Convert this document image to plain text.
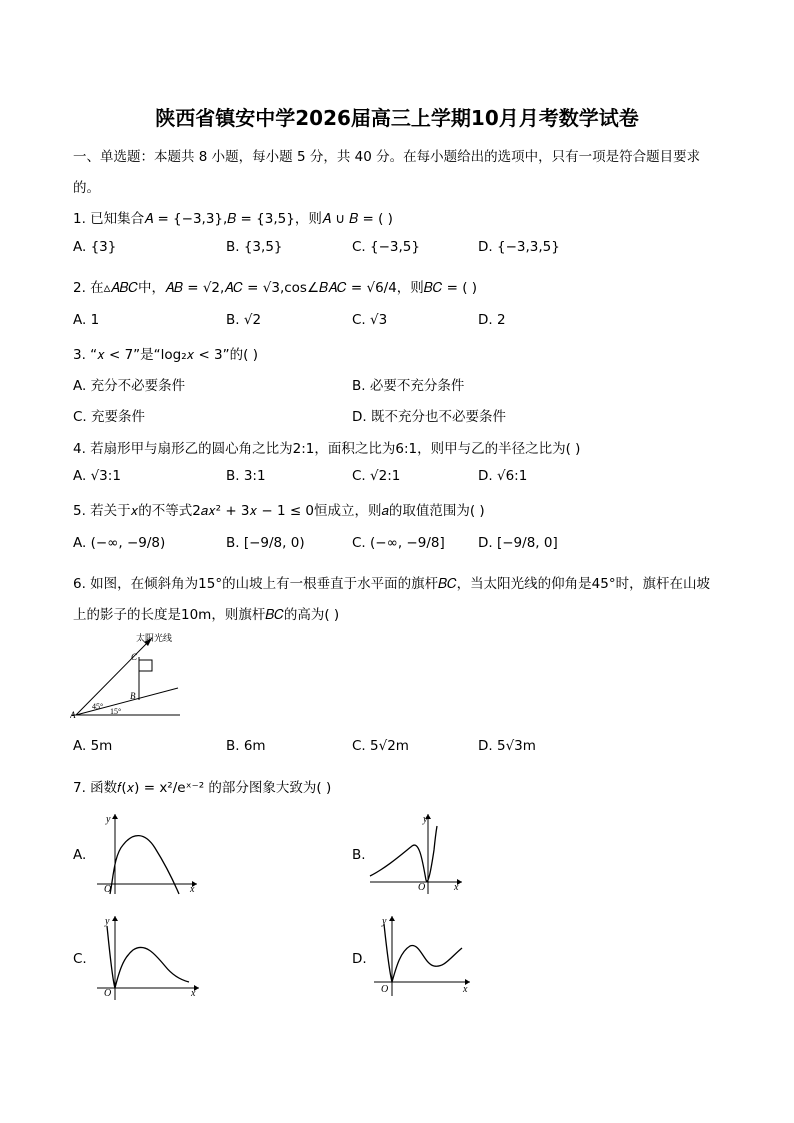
陕西省镇安中学2026届高三上学期10月月考数学试卷
一、单选题：本题共 8 小题，每小题 5 分，共 40 分。在每小题给出的选项中，只有一项是符合题目要求
的。
1. 已知集合𝐴 = {−3,3},𝐵 = {3,5}，则𝐴 ∪ 𝐵 = ( )
A. {3}	B. {3,5}	C. {−3,5}	D. {−3,3,5}
2. 在▵𝐴𝐵𝐶中，𝐴𝐵 = √2,𝐴𝐶 = √3,cos∠𝐵𝐴𝐶 = √6/4，则𝐵𝐶 = ( )
A. 1	B. √2	C. √3	D. 2
3. “𝑥 < 7”是“log₂𝑥 < 3”的( )
A. 充分不必要条件	B. 必要不充分条件
C. 充要条件	D. 既不充分也不必要条件
4. 若扇形甲与扇形乙的圆心角之比为2:1，面积之比为6:1，则甲与乙的半径之比为( )
A. √3:1	B. 3:1	C. √2:1	D. √6:1
5. 若关于𝑥的不等式2𝑎𝑥² + 3𝑥 − 1 ≤ 0恒成立，则𝑎的取值范围为( )
A. (−∞, −9/8)	B. [−9/8, 0)	C. (−∞, −9/8] D. [−9/8, 0]
6. 如图，在倾斜角为15°的山坡上有一根垂直于水平面的旗杆𝐵𝐶，当太阳光线的仰角是45°时，旗杆在山坡
上的影子的长度是10m，则旗杆𝐵𝐶的高为( )
太阳光线
C
B
A
45°
15°
A. 5m	B. 6m	C. 5√2m	D. 5√3m
7. 函数𝑓(𝑥) = x²/eˣ⁻² 的部分图象大致为( )
A.
x
y
O
B.
x
y
O
C.
x
y
O
D.
x
y
O
